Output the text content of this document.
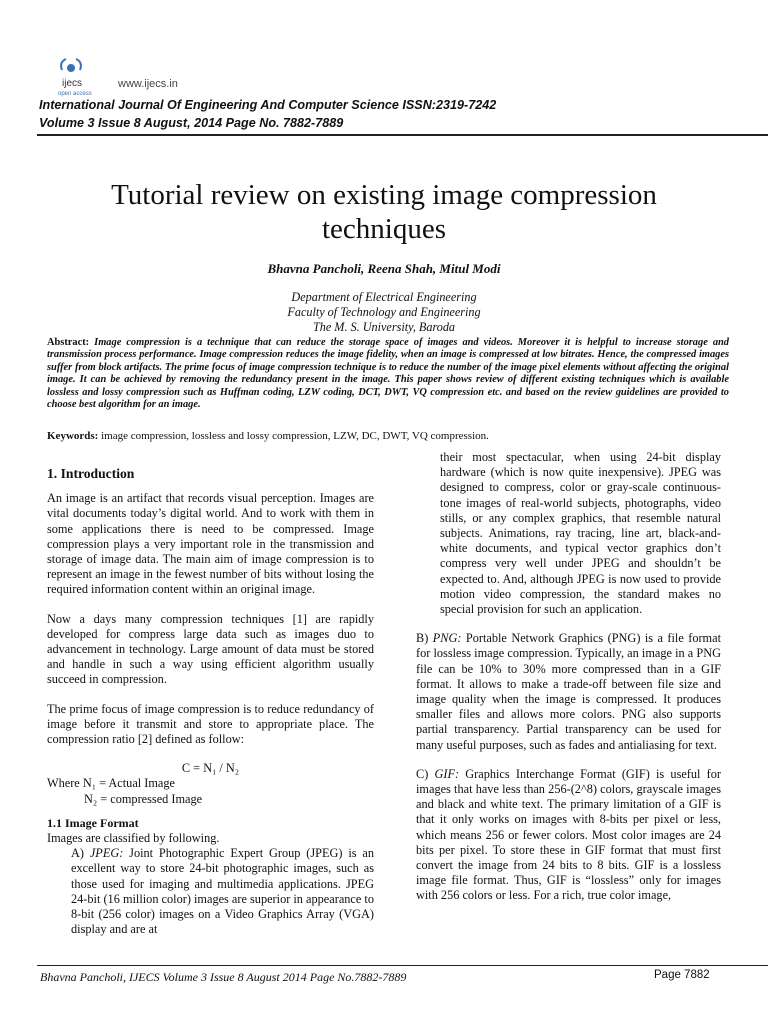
ijecs
open access
www.ijecs.in
International Journal Of Engineering And Computer Science ISSN:2319-7242
Volume 3 Issue 8 August, 2014 Page No. 7882-7889
Tutorial review on existing image compression
techniques
Bhavna Pancholi, Reena Shah, Mitul Modi
Department of Electrical Engineering
Faculty of Technology and Engineering
The M. S. University, Baroda
Abstract: Image compression is a technique that can reduce the storage space of images and videos. Moreover it is helpful to increase storage and transmission process performance. Image compression reduces the image fidelity, when an image is compressed at low bitrates. Hence, the compressed images suffer from block artifacts. The prime focus of image compression technique is to reduce the number of the image pixel elements without affecting the original image. It can be achieved by removing the redundancy present in the image. This paper shows review of different existing techniques which is available lossless and lossy compression such as Huffman coding, LZW coding, DCT, DWT, VQ compression etc. and based on the review guidelines are provided to choose best algorithm for an image.
Keywords: image compression, lossless and lossy compression, LZW, DC, DWT, VQ compression.

1. Introduction

An image is an artifact that records visual perception. Images are vital documents today’s digital world. And to work with them in some applications there is need to be compressed. Image compression plays a very important role in the transmission and storage of image data. The main aim of image compression is to represent an image in the fewest number of bits without losing the required information content within an original image.

Now a days many compression techniques [1] are rapidly developed for compress large data such as images duo to advancement in technology. Large amount of data must be stored and handle in such a way using efficient algorithm usually succeed in compression.

The prime focus of image compression is to reduce redundancy of image before it transmit and store to appropriate place. The compression ratio [2] defined as follow:

C = N₁ / N₂

Where N₁ = Actual Image

N₂ = compressed Image

1.1 Image Format

Images are classified by following.

A) JPEG: Joint Photographic Expert Group (JPEG) is an excellent way to store 24-bit photographic images, such as those used for imaging and multimedia applications. JPEG 24-bit (16 million color) images are superior in appearance to 8-bit (256 color) images on a Video Graphics Array (VGA) display and are at

their most spectacular, when using 24-bit display hardware (which is now quite inexpensive). JPEG was designed to compress, color or gray-scale continuous-tone images of real-world subjects, photographs, video stills, or any complex graphics, that resemble natural subjects. Animations, ray tracing, line art, black-and-white documents, and typical vector graphics don’t compress very well under JPEG and shouldn’t be expected to. And, although JPEG is now used to provide motion video compression, the standard makes no special provision for such an application.

B) PNG: Portable Network Graphics (PNG) is a file format for lossless image compression. Typically, an image in a PNG file can be 10% to 30% more compressed than in a GIF format. It allows to make a trade-off between file size and image quality when the image is compressed. It produces smaller files and allows more colors. PNG also supports partial transparency. Partial transparency can be used for many useful purposes, such as fades and antialiasing for text.

C) GIF: Graphics Interchange Format (GIF) is useful for images that have less than 256-(2^8) colors, grayscale images and black and white text. The primary limitation of a GIF is that it only works on images with 8-bits per pixel or less, which means 256 or fewer colors. Most color images are 24 bits per pixel. To store these in GIF format that must first convert the image from 24 bits to 8 bits. GIF is a lossless image file format. Thus, GIF is “lossless” only for images with 256 colors or less. For a rich, true color image,

Bhavna Pancholi, IJECS Volume 3 Issue 8 August 2014 Page No.7882-7889	Page 7882
